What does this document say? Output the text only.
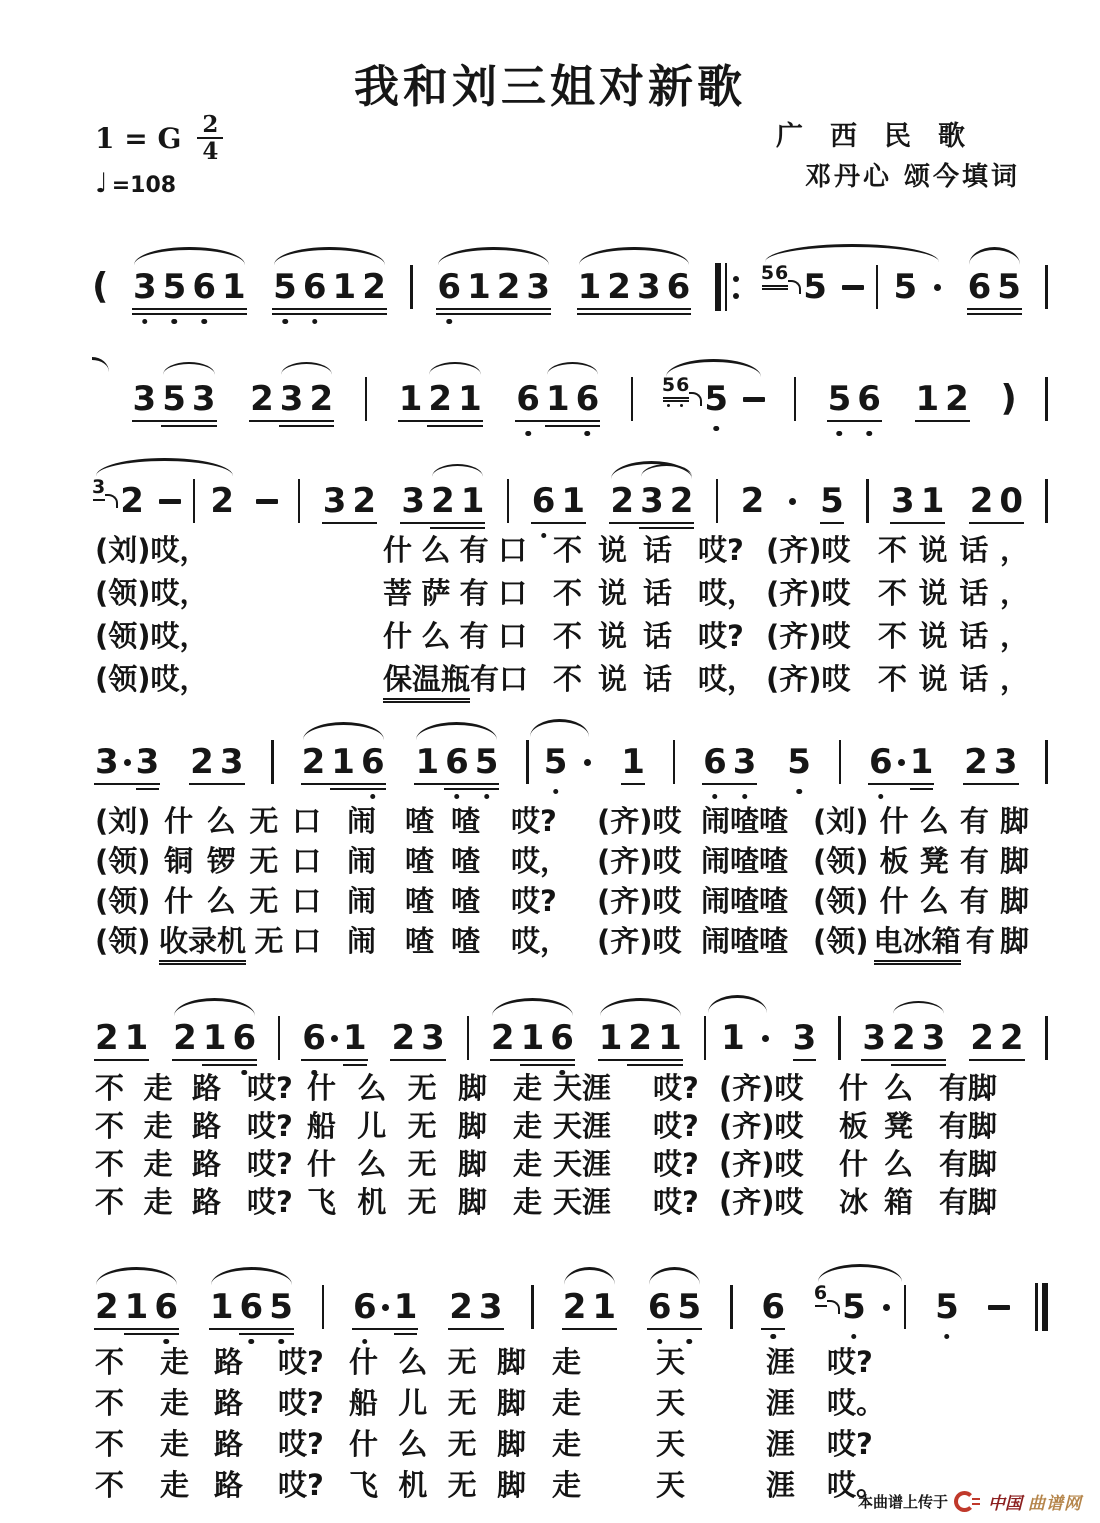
我和刘三姐对新歌
1 = G $\frac{2}{4}$
♩ =108
广西民歌
邓丹心 颂今填词
( 3 5 6 1 5 6 1 2 6 1 2 3 1 2 3 6	56 5 5 6 5
3 5 3 2 3 2 1 2 1 6 1 6	56 5	5 6 1 2 )
3 2 2	3 2 3 2 1 6 1 2 3 2 2 5 3 1 2 0
3 3 2 3 2 1 6 1 6 5 5 1 6 3 5 6 1 2 3
2 1 2 1 6 6 1 2 3 2 1 6 1 2 1 1 3 3 2 3 2 2
2 1 6 1 6 5 6 1 2 3 2 1 6 5 6 6 5 5
(刘)哎，	什 么 有 口 不 说 话 哎? (齐)哎 不 说 话 ，
(领)哎，	菩 萨 有 口 不 说 话 哎， (齐)哎 不 说 话 ，
(领)哎，	什 么 有 口 不 说 话 哎? (齐)哎 不 说 话 ，
(领)哎，	保温瓶 有 口 不 说 话 哎， (齐)哎 不 说 话 ，
(刘) 什 么 无 口 闹 喳 喳	哎?	(齐)哎 闹喳喳 (刘) 什 么 有 脚
(领) 铜 锣 无 口 闹 喳 喳	哎， (齐)哎 闹喳喳 (领) 板 凳 有 脚
(领) 什 么 无 口 闹 喳 喳	哎?	(齐)哎 闹喳喳 (领) 什 么 有 脚
(领) 收录机 无 口 闹 喳 喳	哎， (齐)哎 闹喳喳 (领) 电冰箱 有 脚
不 走 路 哎? 什 么 无 脚 走 天涯	哎? (齐)哎	什 么 有脚
不 走 路 哎? 船 儿 无 脚 走 天涯	哎? (齐)哎	板 凳 有脚
不 走 路 哎? 什 么 无 脚 走 天涯	哎? (齐)哎	什 么 有脚
不 走 路 哎? 飞 机 无 脚 走 天涯	哎? (齐)哎	冰 箱 有脚
不	走 路	哎? 什 么 无 脚 走	天	涯	哎?
不	走 路	哎? 船 儿 无 脚 走	天	涯	哎。
不	走 路	哎? 什 么 无 脚 走	天	涯	哎?
不	走 路	哎? 飞 机 无 脚 走	天	涯	哎。
本曲谱上传于 中国 曲谱网
